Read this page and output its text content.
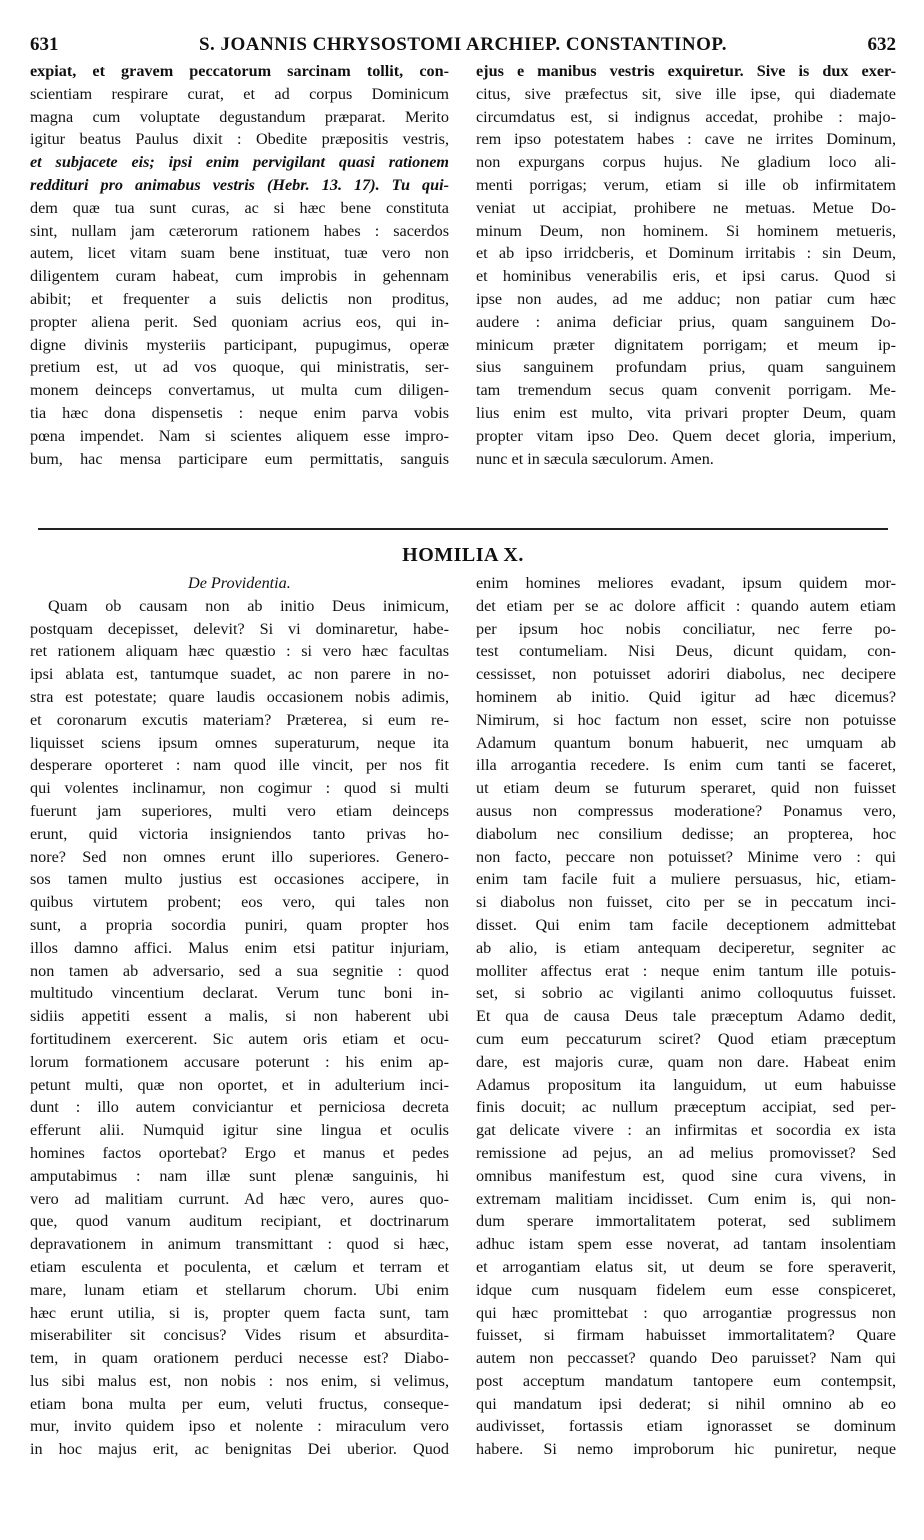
631	S. JOANNIS CHRYSOSTOMI ARCHIEP. CONSTANTINOP.	632
expiat, et gravem peccatorum sarcinam tollit, con-
scientiam respirare curat, et ad corpus Dominicum
magna cum voluptate degustandum præparat. Merito
igitur beatus Paulus dixit : Obedite præpositis vestris,
et subjacete eis; ipsi enim pervigilant quasi rationem
reddituri pro animabus vestris (Hebr. 13. 17). Tu qui-
dem quæ tua sunt curas, ac si hæc bene constituta
sint, nullam jam cæterorum rationem habes : sacerdos
autem, licet vitam suam bene instituat, tuæ vero non
diligentem curam habeat, cum improbis in gehennam
abibit; et frequenter a suis delictis non proditus,
propter aliena perit. Sed quoniam acrius eos, qui in-
digne divinis mysteriis participant, pupugimus, operæ
pretium est, ut ad vos quoque, qui ministratis, ser-
monem deinceps convertamus, ut multa cum diligen-
tia hæc dona dispensetis : neque enim parva vobis
pœna impendet. Nam si scientes aliquem esse impro-
bum, hac mensa participare eum permittatis, sanguis
ejus e manibus vestris exquiretur. Sive is dux exer-
citus, sive præfectus sit, sive ille ipse, qui diademate
circumdatus est, si indignus accedat, prohibe : majo-
rem ipso potestatem habes : cave ne irrites Dominum,
non expurgans corpus hujus. Ne gladium loco ali-
menti porrigas; verum, etiam si ille ob infirmitatem
veniat ut accipiat, prohibere ne metuas. Metue Do-
minum Deum, non hominem. Si hominem metueris,
et ab ipso irridcberis, et Dominum irritabis : sin Deum,
et hominibus venerabilis eris, et ipsi carus. Quod si
ipse non audes, ad me adduc; non patiar cum hæc
audere : anima deficiar prius, quam sanguinem Do-
minicum præter dignitatem porrigam; et meum ip-
sius sanguinem profundam prius, quam sanguinem
tam tremendum secus quam convenit porrigam. Me-
lius enim est multo, vita privari propter Deum, quam
propter vitam ipso Deo. Quem decet gloria, imperium,
nunc et in sæcula sæculorum. Amen.
HOMILIA X.
De Providentia.
Quam ob causam non ab initio Deus inimicum,
postquam decepisset, delevit? Si vi dominaretur, habe-
ret rationem aliquam hæc quæstio : si vero hæc facultas
ipsi ablata est, tantumque suadet, ac non parere in no-
stra est potestate; quare laudis occasionem nobis adimis,
et coronarum excutis materiam? Præterea, si eum re-
liquisset sciens ipsum omnes superaturum, neque ita
desperare oporteret : nam quod ille vincit, per nos fit
qui volentes inclinamur, non cogimur : quod si multi
fuerunt jam superiores, multi vero etiam deinceps
erunt, quid victoria insigniendos tanto privas ho-
nore? Sed non omnes erunt illo superiores. Genero-
sos tamen multo justius est occasiones accipere, in
quibus virtutem probent; eos vero, qui tales non
sunt, a propria socordia puniri, quam propter hos
illos damno affici. Malus enim etsi patitur injuriam,
non tamen ab adversario, sed a sua segnitie : quod
multitudo vincentium declarat. Verum tunc boni in-
sidiis appetiti essent a malis, si non haberent ubi
fortitudinem exercerent. Sic autem oris etiam et ocu-
lorum formationem accusare poterunt : his enim ap-
petunt multi, quæ non oportet, et in adulterium inci-
dunt : illo autem conviciantur et perniciosa decreta
efferunt alii. Numquid igitur sine lingua et oculis
homines factos oportebat? Ergo et manus et pedes
amputabimus : nam illæ sunt plenæ sanguinis, hi
vero ad malitiam currunt. Ad hæc vero, aures quo-
que, quod vanum auditum recipiant, et doctrinarum
depravationem in animum transmittant : quod si hæc,
etiam esculenta et poculenta, et cælum et terram et
mare, lunam etiam et stellarum chorum. Ubi enim
hæc erunt utilia, si is, propter quem facta sunt, tam
miserabiliter sit concisus? Vides risum et absurdita-
tem, in quam orationem perduci necesse est? Diabo-
lus sibi malus est, non nobis : nos enim, si velimus,
etiam bona multa per eum, veluti fructus, conseque-
mur, invito quidem ipso et nolente : miraculum vero
in hoc majus erit, ac benignitas Dei uberior. Quod
enim homines meliores evadant, ipsum quidem mor-
det etiam per se ac dolore afficit : quando autem etiam
per ipsum hoc nobis conciliatur, nec ferre po-
test contumeliam. Nisi Deus, dicunt quidam, con-
cessisset, non potuisset adoriri diabolus, nec decipere
hominem ab initio. Quid igitur ad hæc dicemus?
Nimirum, si hoc factum non esset, scire non potuisse
Adamum quantum bonum habuerit, nec umquam ab
illa arrogantia recedere. Is enim cum tanti se faceret,
ut etiam deum se futurum speraret, quid non fuisset
ausus non compressus moderatione? Ponamus vero,
diabolum nec consilium dedisse; an propterea, hoc
non facto, peccare non potuisset? Minime vero : qui
enim tam facile fuit a muliere persuasus, hic, etiam-
si diabolus non fuisset, cito per se in peccatum inci-
disset. Qui enim tam facile deceptionem admittebat
ab alio, is etiam antequam deciperetur, segniter ac
molliter affectus erat : neque enim tantum ille potuis-
set, si sobrio ac vigilanti animo colloquutus fuisset.
Et qua de causa Deus tale præceptum Adamo dedit,
cum eum peccaturum sciret? Quod etiam præceptum
dare, est majoris curæ, quam non dare. Habeat enim
Adamus propositum ita languidum, ut eum habuisse
finis docuit; ac nullum præceptum accipiat, sed per-
gat delicate vivere : an infirmitas et socordia ex ista
remissione ad pejus, an ad melius promovisset? Sed
omnibus manifestum est, quod sine cura vivens, in
extremam malitiam incidisset. Cum enim is, qui non-
dum sperare immortalitatem poterat, sed sublimem
adhuc istam spem esse noverat, ad tantam insolentiam
et arrogantiam elatus sit, ut deum se fore speraverit,
idque cum nusquam fidelem eum esse conspiceret,
qui hæc promittebat : quo arrogantiæ progressus non
fuisset, si firmam habuisset immortalitatem? Quare
autem non peccasset? quando Deo paruisset? Nam qui
post acceptum mandatum tantopere eum contempsit,
qui mandatum ipsi dederat; si nihil omnino ab eo
audivisset, fortassis etiam ignorasset se dominum
habere. Si nemo improborum hic puniretur, neque
